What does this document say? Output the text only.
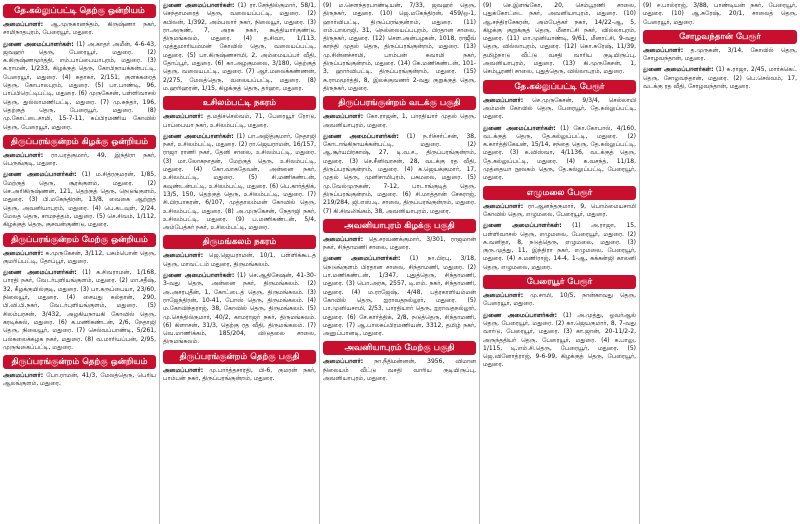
தே.கல்லுப்பட்டி தெற்கு ஒன்றியம்

அமைப்பாளர்: ஆ.முருகானந்தம், கிருஷ்ணா நகர், சாமிநாதபுரம், பேரையூர், மதுரை.

துணை அமைப்பாளர்கள்: (1) அ.காதர் அமீன், 4-6-43, ஜவஹர் தெரு, பேரையூர், மதுரை. (2) க.கிருஷ்ணமூர்த்தி, எம்.பாப்பையாபுரம், மதுரை. (3) க.ராமன், 1/233, கிழக்குத் தெரு, கோபிநாயக்கன்பட்டி, பேரையூர், மதுரை. (4) சுதாகர், 2/151, குளக்கரைத் தெரு, கோபாலபுரம், மதுரை. (5) பா.பாண்டி, 96, பாப்பிரெட்டிபட்டி, மதுரை. (6) முருகேசன், பள்ளிவாசல் தெரு, துல்லாமணிபட்டி, மதுரை. (7) மு.சுந்தர், 196, தெற்குத் தெரு, பேரையூர், மதுரை. (8) மு.கோட்டைசாமி, 15-7-11, சுப்பிரமணிய கோவில் தெரு, பேரையூர், மதுரை.

திருப்பரங்குன்றம் கிழக்கு ஒன்றியம்

அமைப்பாளர்: ரா.பரத்குமார், 49, இந்திரா நகர், பெருங்குடி, மதுரை.

துணை அமைப்பாளர்கள்: (1) ம.சித்ரகுமரன், 1/85, மேற்குத் தெரு, சூரக்குளம், மதுரை. (2) செ.அரிகிருஷ்ணன், 121, தெற்குத் தெரு, நெடுங்குளம், மதுரை. (3) பி.மகேந்திரன், 13/8, வைகை ஆற்றுத் தெரு, அவனியாபுரம், மதுரை. (4) பெ.கடவுள், 2/24, மேலத் தெரு, சாமநத்தம், மதுரை. (5) செ.சிவம், 1/112, கிழக்குத் தெரு, குசவன்குண்டு, மதுரை.

திருப்பரங்குன்றம் மேற்கு ஒன்றியம்

அமைப்பாளர்: க.முருகேசன், 3/112, பசும்பொன் தெரு, குமரிப்பட்டி, தோப்பூர், மதுரை.

துணை அமைப்பாளர்கள்: (1) க.சிவராமன், 1/168, பாரதி நகர், வேடர்புளியங்குளம், மதுரை. (2) மா.சதீஷ், 32, கீழக்குயில்குடி, மதுரை. (3) பா.கருப்பையா, 23/60, நிலையூர், மதுரை. (4) சையது சுல்தான், 290, பி.வி.பி.நகர், வேடர்புளியங்குளம், மதுரை. (5) சிலம்பரசன், 3/432, அழகியநாயகி கோவில் தெரு, கரடிக்கல், மதுரை. (6) க.மணிகண்டன், 2/6, நேதாஜி தெரு, நிலையூர், மதுரை. (7) செல்வப்பாண்டி, 5/261, பல்கலைக்கழக நகர், மதுரை. (8) வ.மாரியப்பன், 2/95, முருங்கைப்பட்டி, மதுரை.

திருப்பரங்குன்றம் தெற்கு ஒன்றியம்

அமைப்பாளர்: போ.ராமன், 41/3, மேலத்தெரு, பெரிய ஆலங்குளம், மதுரை.

துணை அமைப்பாளர்கள்: (1) ரா.சேந்தில்குமார், 58/1, செந்தாமரைத் தெரு, வலையப்பட்டி, மதுரை. (2) கபிலன், 1/392, அம்பலார் நகர், நிலையூர், மதுரை. (3) ரா.அருண், 7, அரசு நகர், கூத்தியார்குண்டு, திருமங்கலம், மதுரை. (4) த.சிவா, 1/113, முத்துமாரியம்மன் கோவில் தெரு, வலையப்பட்டி, மதுரை. (5) பா.கிருஷ்ணசாமி, 2, அம்மையப்பர் வீதி, தோப்பூர், மதுரை. (6) கா.அழகுமலை, 3/180, தெற்குத் தெரு, வலையபட்டி, மதுரை. (7) ஆர்.மலைக்கண்ணன், 2/275, மேலத்தெரு, வலையப்பட்டி, மதுரை. (8) ம.ஹரிஹரன், 1/15, கிழக்குத் தெரு, தர்ஹா, மதுரை.

உசிலம்பட்டி நகரம்

அமைப்பாளர்: த.மதிச்செல்வம், 71, பேரையூர் ரோடு, பாப்பையா நகர், உசிலம்பட்டி, மதுரை.

துணை அமைப்பாளர்கள்: (1) பா.அஜித்குமார், நேதாஜி நகர், உசிலம்பட்டி, மதுரை. (2) ரா.ஜெயராமன், 16/157, ராஜா ராணி நகர், தேனி சாலை, உசிலம்பட்டி, மதுரை. (3) மா.லோகநாதன், மேற்குத் தெரு, உசிலம்பட்டி, மதுரை. (4) கோ.வாசுதேவன், அன்னை நகர், உசிலம்பட்டி, மதுரை. (5) சி.மணிகண்டன், கவுண்டன்பட்டி, உசிலம்பட்டி, மதுரை. (6) பெ.கார்த்திக், 13/5, 150, தெற்குத் தெரு, உசிலம்பட்டி, மதுரை. (7) சி.பிரபாகரன், 6/107, முத்தாலம்மன் கோவில் தெரு, உசிலம்பட்டி, மதுரை. (8) அ.முருகேசன், நேதாஜி நகர், உசிலம்பட்டி, மதுரை. (9) ப.மணிகண்டன், 5/4, அம்பேத்கர் நகர், உசிலம்பட்டி, மதுரை.

திருமங்கலம் நகரம்

அமைப்பாளர்: ஜெ.ஜெயராமன், 10/1, பள்ளிக்கூடத் தெரு, மாவட்டம் மதுரை, திருமங்கலம்.

துணை அமைப்பாளர்கள்: (1) செ.ஆதிசேஷன், 41-30-3-வது தெரு, அன்னை நகர், திருமங்கலம். (2) அ.அசரபுதீன், 1, கோட்டைத் தெரு, திருமங்கலம். (3) ராஜேந்திரன், 10-41, போஸ் தெரு, திருமங்கலம். (4) ம.கோவிந்தராஜ், 38, கோவில் தெரு, திருமங்கலம். (5) மு.செந்தில்குமார், 40/2, காமராஜர் நகர், திருமங்கலம். (6) கிளாசன், 31/3, தெற்கு ரத வீதி, திருமங்கலம். (7) வெ.மாணிக்கம், 185/204, விடுதலை சாலை, திருமங்கலம்.

திருப்பரங்குன்றம் தெற்கு பகுதி

அமைப்பாளர்: மு.பார்த்தசாரதி, பி-6, குமரன் நகர், பாம்பன் நகர், திருப்பரங்குன்றம், மதுரை.

(9) ம.சௌந்தரபாண்டியன், 7/33, ஜவஹர் தெரு, திருநகர், மதுரை. (10) ஜெ.மகேந்திரன், 459/ஒ-1, ஹார்விபட்டி, திருப்பரங்குன்றம், மதுரை. (11) எம்.பாலாஜி, 31, நெல்லையப்பபுரம், பிரதான சாலை, திருநகர், மதுரை. (12) சௌ.அன்பழகன், 1018, ராஜீவ் காந்தி முதல் தெரு, திருப்பரங்குன்றம், மதுரை. (13) மு.சின்னச்சாமி, பாம்பன் சுவாமி நகர், திருப்பரங்குன்றம், மதுரை. (14) கே.மணிகண்டன், 101-3, ஹார்விபட்டி, திருப்பரங்குன்றம், மதுரை. (15) சு.ராமமூர்த்தி, 8, இலக்குவணர் 2-வது குறுக்குத் தெரு, திருநகர், மதுரை.

திருப்பரங்குன்றம் வடக்கு பகுதி

அமைப்பாளர்: கோ.ராஜன், 1, பாரதியார் முதல் தெரு, அவனியாபுரம், மதுரை.

துணை அமைப்பாளர்கள்: (1) ந.ரிச்சர்ட்சன், 38, கோடாங்கிநாயக்கன்பட்டி, மதுரை. (2) ஆ.சூர்யபிரகாஷ், 27, டி.வ.ச., திருப்பரங்குன்றம், மதுரை. (3) செ.சீனிவாசன், 28, வடக்கு ரத வீதி, திருப்பரங்குன்றம், மதுரை. (4) க.ஜெயக்குமார், 17, முதல் தெரு, முனிசாமிபுரம், பசுமலை, மதுரை. (5) மு.வேல்முருகன், 7-12, பாடாங்குடித் தெரு, திருப்பரங்குன்றம், மதுரை. (6) சி.மாத்தான் சேசுராஜ், 219/284, ஜி.எஸ்.டி. சாலை, திருப்பரங்குன்றம், மதுரை. (7) கி.சிவலிங்கம், 38, அவனியாபுரம், மதுரை.

அவனியாபுரம் கிழக்கு பகுதி

அமைப்பாளர்: தெ.சரவணக்குமார், 3/301, ராஜமான் நகர், சிந்தாமணி சாலை, மதுரை.

துணை அமைப்பாளர்கள்: (1) நா.பிரபு, 3/18, நெடுங்குளம் பிரதான சாலை, சிந்தாமணி, மதுரை. (2) பா.மணிகண்டன், 1/347, புதுத்தெரு, சிந்தாமணி, மதுரை. (3) பொ.அரசு, 2557, டி.எம். நகர், சிந்தாமணி, மதுரை. (4) ம.ராஜேஷ், 4/48, பத்ரகாளியம்மன் கோவில் தெரு, ஐராவதநல்லூர், மதுரை. (5) பா.முனியசாமி, 2/53, பாரதியார் தெரு, ஐராவதநல்லூர், மதுரை. (6) சே.கார்த்திக், 2/8, நடுத்தெரு, சிந்தாமணி, மதுரை. (7) ஆ.பாலசுப்பிரமணியன், 3312, தமிழ் நகர், அனுப்பானடி, மதுரை.

அவனியாபுரம் மேற்கு பகுதி

அமைப்பாளர்: நா.நீதிமன்னன், 3956, விமான நிலையம் வீட்டு வசதி வாரிய குடியிருப்பு, அவனியாபுரம், மதுரை.

(9) செ.இளங்கோ, 20, செம்பூரணி சாலை, புதுக்கோட்டை நகர், அவனியாபுரம், மதுரை. (10) ஆ.சந்திரசேகரன், அம்பேத்கர் நகர், 14/22-ஆ, 5, கிழக்கு குறுக்குத் தெரு, மீனாட்சி நகர், வில்லாபுரம், மதுரை. (11) மா.முனியாண்டி, 9/61, மீனாட்சி, 9-வது தெரு, வில்லாபுரம், மதுரை. (12) கொ.சுரேஷ், 11/39, தமிழ்நாடு வீட்டு வசதி வாரிய குடியிருப்பு, அவனியாபுரம், மதுரை. (13) கி.முருகேசன், 1, செம்பூரணி சாலை, புதுத்தெரு, வில்லாபுரம், மதுரை.

தே.கல்லுப்பட்டி பேரூர்

அமைப்பாளர்: செ.முருகேசன், 9/3/4, செல்லாயி அம்மன் கோவில் தெரு, பேரையூர், தே.கல்லுப்பட்டி, மதுரை.

துணை அமைப்பாளர்கள்: (1) கோ.கோபால், 4/160, வடக்குத் தெரு, தே.கல்லுப்பட்டி, மதுரை. (2) க.கார்த்திகேயன், 15/14, சந்தை தெரு, தே.கல்லுப்பட்டி, மதுரை. (3) க.விஸ்வா, 4/1136, வடக்குத் தெரு, தே.கல்லுப்பட்டி, மதுரை. (4) க.வசந்த், 11/18, முத்தையா நூலகம் தெரு, தே.கல்லுப்பட்டி, பேரையூர், மதுரை.

எழுமலை பேரூர்

அமைப்பாளர்: ரா.ஆனந்தகுமார், 9, பொம்மையசாமி கோவில் தெரு, எழுமலை, பேரையூர், மதுரை.

துணை அமைப்பாளர்கள்: (1) அ.ராஜா, 15, பள்ளிவாசல் தெரு, எழுமலை, பேரையூர், மதுரை. (2) சு.வனிதா, 8, நடுத்தெரு, எழுமலை, மதுரை. (3) குரு.முத்து, 11, இந்திரா நகர், எழுமலை, பேரையூர், மதுரை. (4) ச.மணிராஜ், 14-4, 1-ஆ, கக்கன்ஜி காலனி தெரு, எழுமலை, மதுரை.

பேரையூர் பேரூர்

அமைப்பாளர்: மு.சாமி, 10/5, நான்காவது தெரு, பேரையூர், மதுரை.

துணை அமைப்பாளர்கள்: (1) அ.முத்து, ஓவர்ஆல் தெரு, பேரையூர், மதுரை. (2) கா.ஜெயகுமார், 8, 7-வது வார்டு, பேரையூர், மதுரை. (3) கா.ஜான், 20-11/2-2, அருந்ததியர் தெரு, பேரையூர், மதுரை. (4) க.பாலு, 1/115, டி.எம்.சி.தெரு, பேரையூர், மதுரை. (5) ஜெ.வினோத்ராஜ், 9-6-99, கிழக்குத் தெரு, பேரையூர், மதுரை.

(9) ச.பால்ராஜ், 3/88, பாண்டியன் நகர், பேரையூர், மதுரை. (10) ஆ.சுரேஷ், 20/1, சாலைத் தெரு, பேரையூர், மதுரை.

சோழவந்தான் பேரூர்

அமைப்பாளர்: த.முருகன், 3/14, கோவில் தெரு, சோழவந்தான், மதுரை.

துணை அமைப்பாளர்கள்: (1) க.ராஜா, 2/45, மார்க்கெட் தெரு, சோழவந்தான், மதுரை. (2) பெ.செல்வம், 17, வடக்கு ரத வீதி, சோழவந்தான், மதுரை.
